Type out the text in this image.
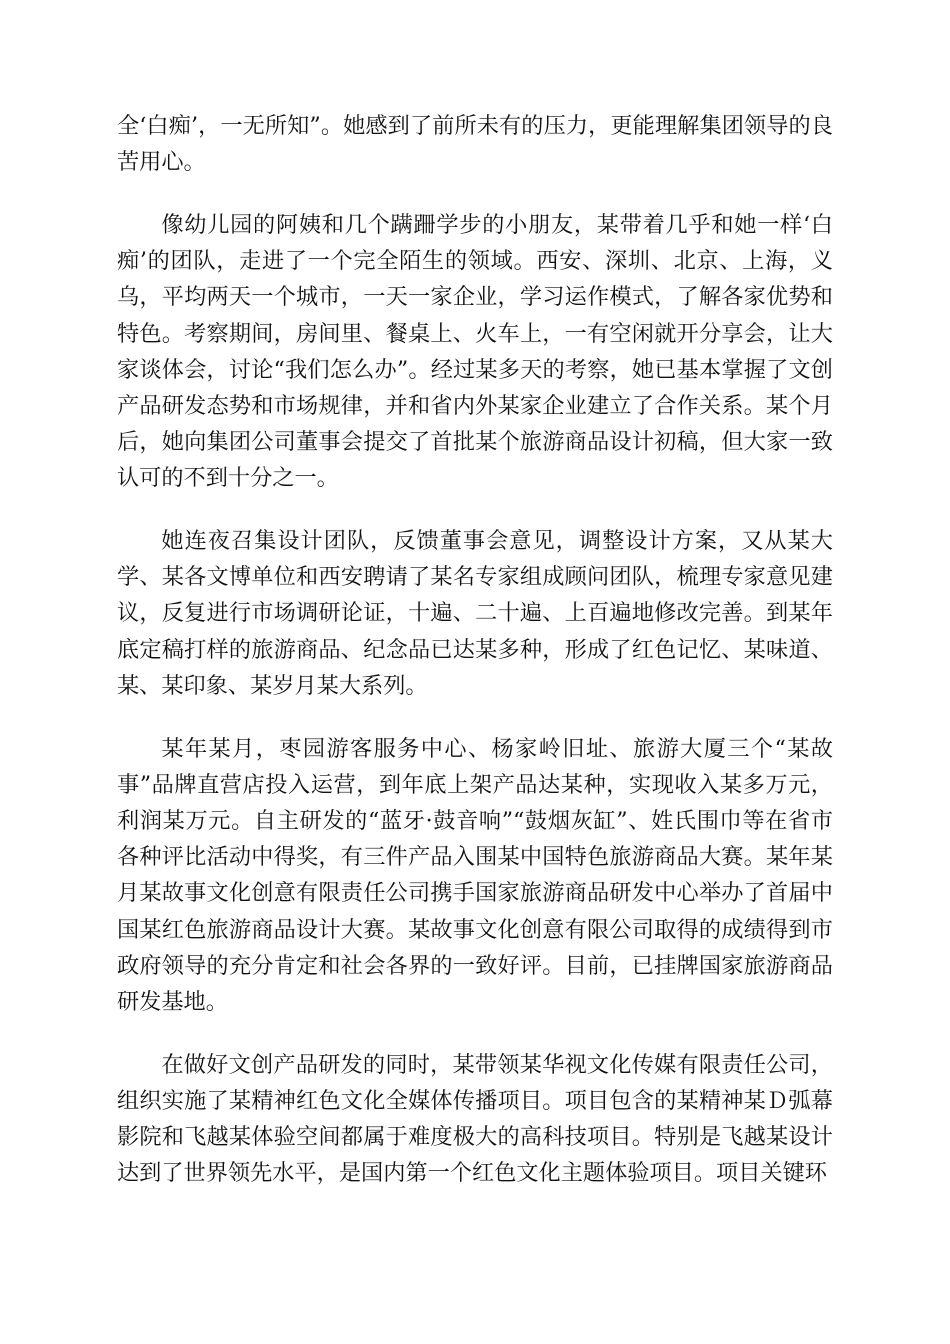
全‘白痴’，一无所知”。她感到了前所未有的压力，更能理解集团领导的良苦用心。

像幼儿园的阿姨和几个蹒跚学步的小朋友，某带着几乎和她一样‘白痴’的团队，走进了一个完全陌生的领域。西安、深圳、北京、上海，义乌，平均两天一个城市，一天一家企业，学习运作模式，了解各家优势和特色。考察期间，房间里、餐桌上、火车上，一有空闲就开分享会，让大家谈体会，讨论“我们怎么办”。经过某多天的考察，她已基本掌握了文创产品研发态势和市场规律，并和省内外某家企业建立了合作关系。某个月后，她向集团公司董事会提交了首批某个旅游商品设计初稿，但大家一致认可的不到十分之一。

她连夜召集设计团队，反馈董事会意见，调整设计方案，又从某大学、某各文博单位和西安聘请了某名专家组成顾问团队，梳理专家意见建议，反复进行市场调研论证，十遍、二十遍、上百遍地修改完善。到某年底定稿打样的旅游商品、纪念品已达某多种，形成了红色记忆、某味道、某、某印象、某岁月某大系列。

某年某月，枣园游客服务中心、杨家岭旧址、旅游大厦三个“某故事”品牌直营店投入运营，到年底上架产品达某种，实现收入某多万元，利润某万元。自主研发的“蓝牙·鼓音响”“鼓烟灰缸”、姓氏围巾等在省市各种评比活动中得奖，有三件产品入围某中国特色旅游商品大赛。某年某月某故事文化创意有限责任公司携手国家旅游商品研发中心举办了首届中国某红色旅游商品设计大赛。某故事文化创意有限公司取得的成绩得到市政府领导的充分肯定和社会各界的一致好评。目前，已挂牌国家旅游商品研发基地。

在做好文创产品研发的同时，某带领某华视文化传媒有限责任公司，组织实施了某精神红色文化全媒体传播项目。项目包含的某精神某Ｄ弧幕影院和飞越某体验空间都属于难度极大的高科技项目。特别是飞越某设计达到了世界领先水平，是国内第一个红色文化主题体验项目。项目关键环
